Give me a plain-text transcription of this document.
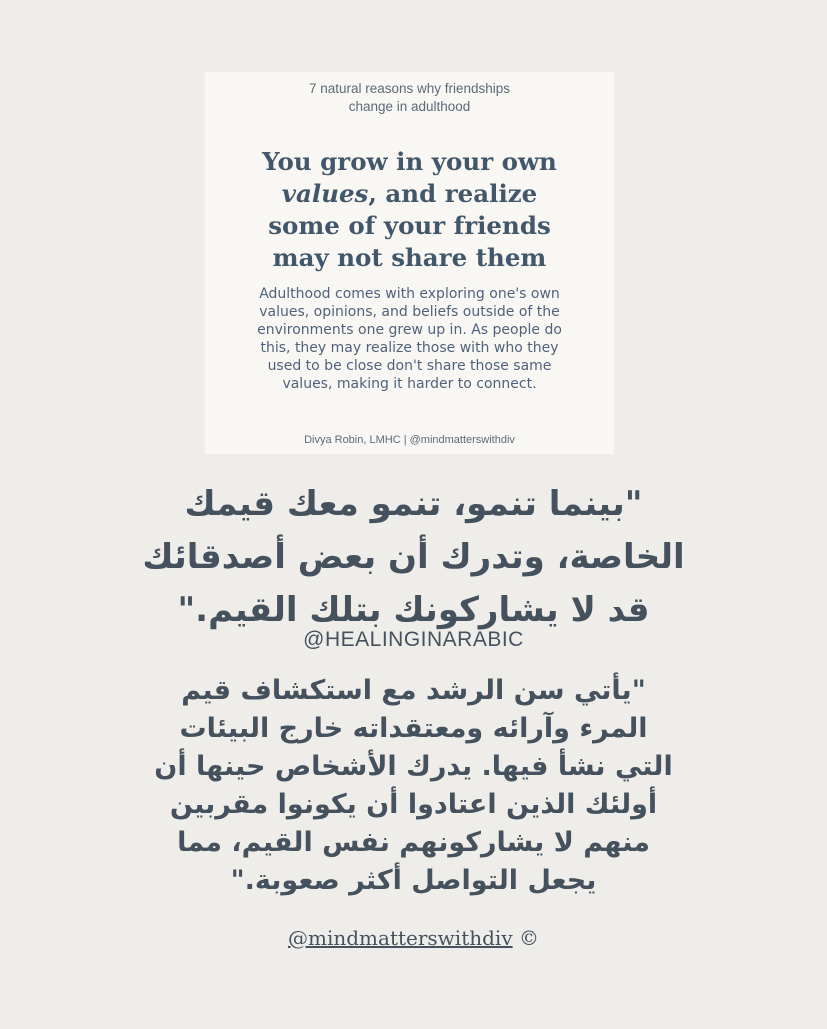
7 natural reasons why friendships
change in adulthood
You grow in your own
values, and realize
some of your friends
may not share them
Adulthood comes with exploring one's own
values, opinions, and beliefs outside of the
environments one grew up in. As people do
this, they may realize those with who they
used to be close don't share those same
values, making it harder to connect.
Divya Robin, LMHC | @mindmatterswithdiv
"بينما تنمو، تنمو معك قيمك
الخاصة، وتدرك أن بعض أصدقائك
قد لا يشاركونك بتلك القيم."
@HEALINGINARABIC
"يأتي سن الرشد مع استكشاف قيم
المرء وآرائه ومعتقداته خارج البيئات
التي نشأ فيها. يدرك الأشخاص حينها أن
أولئك الذين اعتادوا أن يكونوا مقربين
منهم لا يشاركونهم نفس القيم، مما
يجعل التواصل أكثر صعوبة."
@mindmatterswithdiv ©
